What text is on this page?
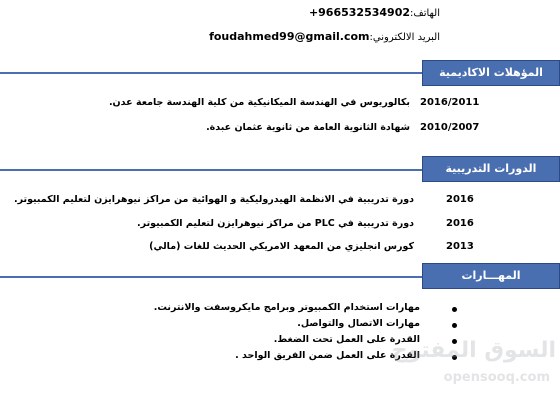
الهاتف:+966532534902
البريد الالكتروني:foudahmed99@gmail.com
المؤهلات الاكاديمية
بكالوريوس في الهندسة الميكانيكية من كلية الهندسة جامعة عدن. 2016/2011
شهادة الثانوية العامة من ثانوية عثمان عبدة. 2010/2007
الدورات التدريبية
دورة تدريبية في الانظمة الهيدروليكية و الهوائية من مراكز نيوهرايزن لتعليم الكمبيوتر.	2016
دورة تدريبية في PLC من مراكز نيوهرايزن لتعليم الكمبيوتر.	2016
كورس انجليزي من المعهد الامريكي الحديث للغات (مالي)	2013
المهـــارات
مهارات استخدام الكمبيوتر وبرامج مايكروسفت والانترنت.
مهارات الاتصال والتواصل.
القدرة على العمل تحت الضغط.
القدرة على العمل ضمن الفريق الواحد .
السوق المفتوح
opensooq.com
